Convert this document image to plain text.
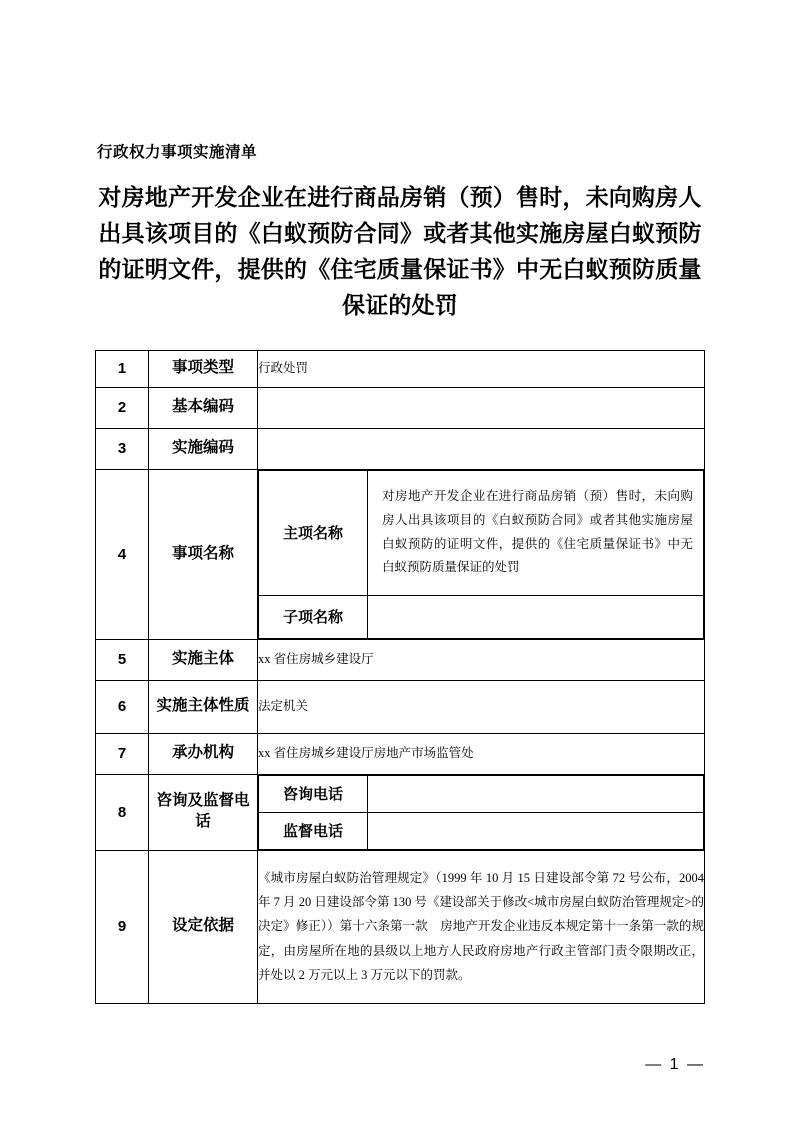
行政权力事项实施清单
对房地产开发企业在进行商品房销（预）售时，未向购房人出具该项目的《白蚁预防合同》或者其他实施房屋白蚁预防的证明文件，提供的《住宅质量保证书》中无白蚁预防质量保证的处罚
1	事项类型	行政处罚
2	基本编码	
3	实施编码	
4	事项名称	
主项名称	对房地产开发企业在进行商品房销（预）售时，未向购房人出具该项目的《白蚁预防合同》或者其他实施房屋白蚁预防的证明文件，提供的《住宅质量保证书》中无白蚁预防质量保证的处罚
子项名称	

5	实施主体	xx 省住房城乡建设厅
6	实施主体性质	法定机关
7	承办机构	xx 省住房城乡建设厅房地产市场监管处
8	咨询及监督电话	
咨询电话	
监督电话	

9	设定依据	《城市房屋白蚁防治管理规定》（1999 年 10 月 15 日建设部令第 72 号公布，2004 年 7 月 20 日建设部令第 130 号《建设部关于修改<城市房屋白蚁防治管理规定>的决定》修正））第十六条第一款　房地产开发企业违反本规定第十一条第一款的规定，由房屋所在地的县级以上地方人民政府房地产行政主管部门责令限期改正，并处以 2 万元以上 3 万元以下的罚款。
— 1 —
